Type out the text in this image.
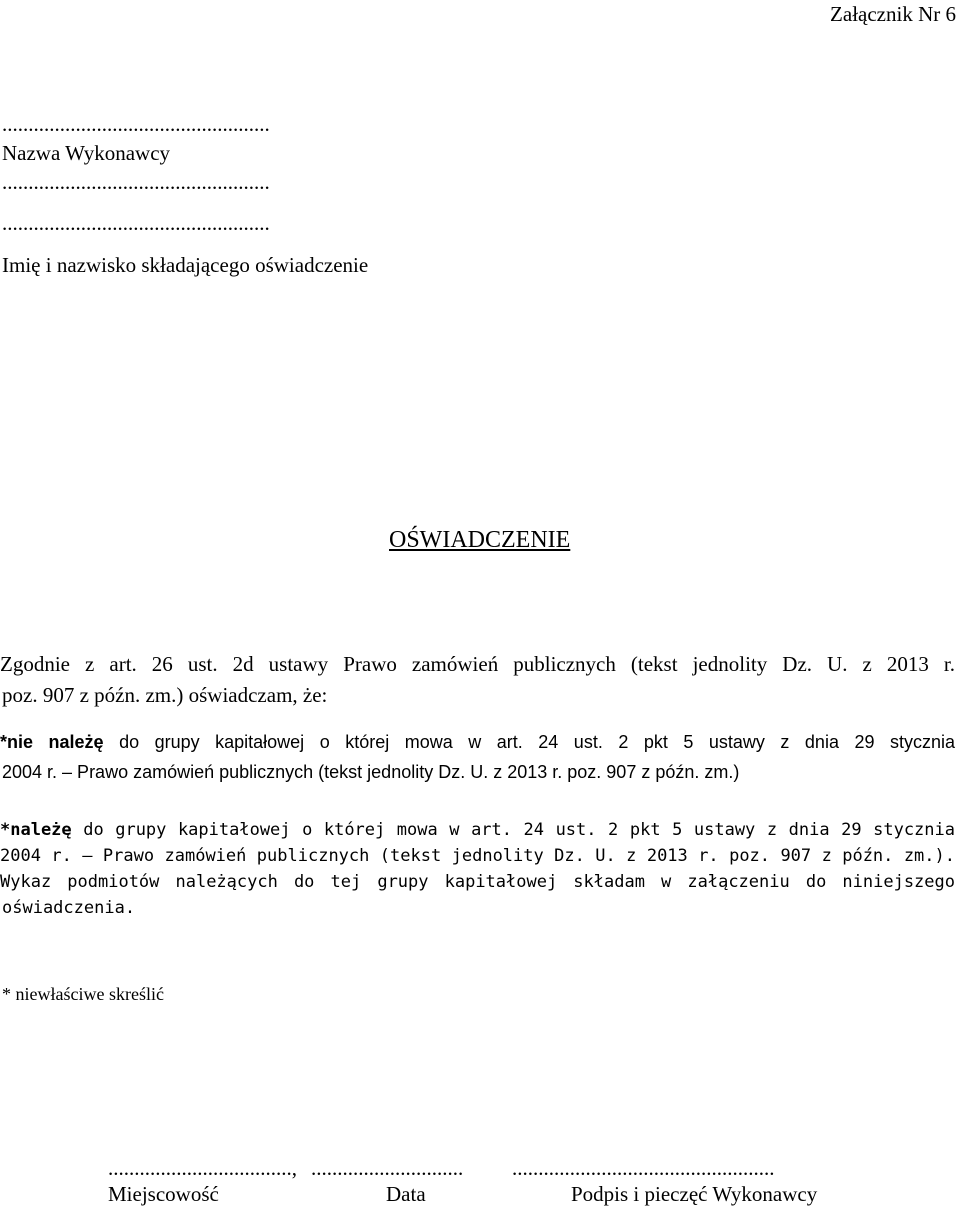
Załącznik Nr 6
...................................................
Nazwa Wykonawcy
...................................................
...................................................
Imię i nazwisko składającego oświadczenie
OŚWIADCZENIE
Zgodnie z art. 26 ust. 2d ustawy Prawo zamówień publicznych (tekst jednolity Dz. U. z 2013 r.
poz. 907 z późn. zm.) oświadczam, że:
*nie należę do grupy kapitałowej o której mowa w art. 24 ust. 2 pkt 5 ustawy z dnia 29 stycznia
2004 r. – Prawo zamówień publicznych (tekst jednolity Dz. U. z 2013 r. poz. 907 z późn. zm.)
*należę do grupy kapitałowej o której mowa w art. 24 ust. 2 pkt 5 ustawy z dnia 29 stycznia
2004 r. – Prawo zamówień publicznych (tekst jednolity Dz. U. z 2013 r. poz. 907 z późn. zm.).
Wykaz podmiotów należących do tej grupy kapitałowej składam w załączeniu do niniejszego
oświadczenia.
* niewłaściwe skreślić
..................................., ............................. ..................................................
Miejscowość	Data	Podpis i pieczęć Wykonawcy
